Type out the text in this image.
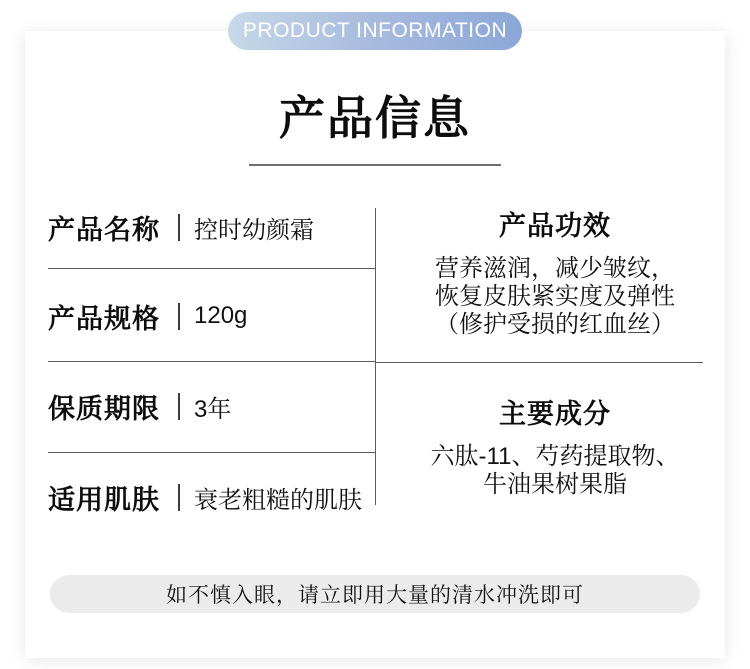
PRODUCT INFORMATION
产品信息
产品名称	控时幼颜霜
产品规格	120g
保质期限	3年
适用肌肤	衰老粗糙的肌肤
产品功效
营养滋润，减少皱纹，
恢复皮肤紧实度及弹性
（修护受损的红血丝）
主要成分
六肽-11、芍药提取物、
牛油果树果脂
如不慎入眼，请立即用大量的清水冲洗即可
